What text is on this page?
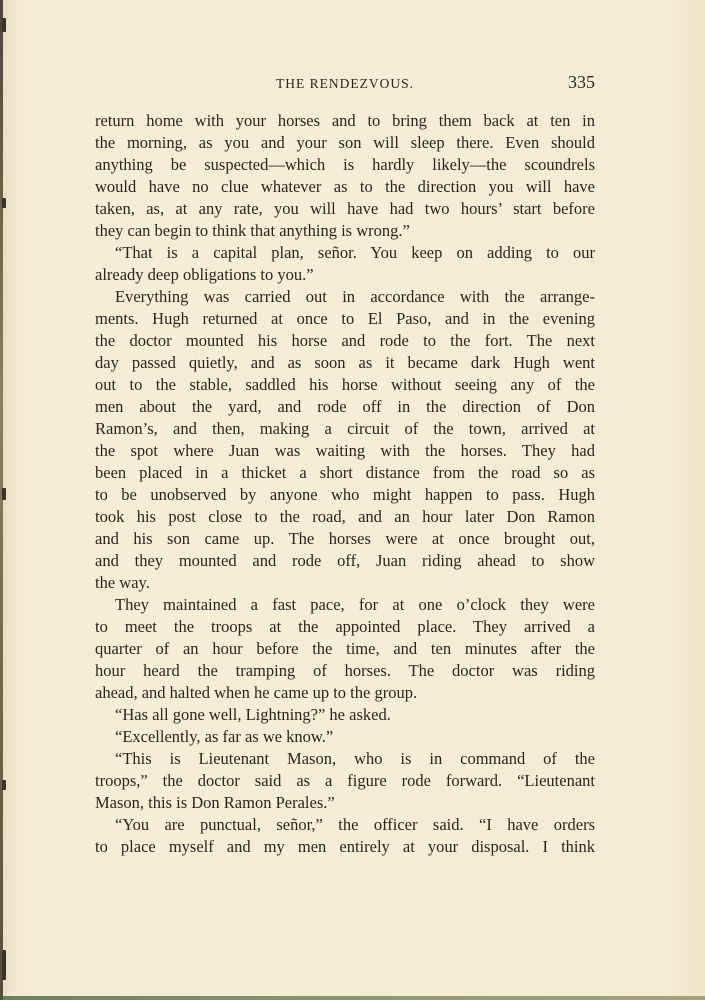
THE RENDEZVOUS.	335
return home with your horses and to bring them back at ten in
the morning, as you and your son will sleep there. Even should
anything be suspected—which is hardly likely—the scoundrels
would have no clue whatever as to the direction you will have
taken, as, at any rate, you will have had two hours’ start before
they can begin to think that anything is wrong.”
“That is a capital plan, señor. You keep on adding to our
already deep obligations to you.”
Everything was carried out in accordance with the arrange-
ments. Hugh returned at once to El Paso, and in the evening
the doctor mounted his horse and rode to the fort. The next
day passed quietly, and as soon as it became dark Hugh went
out to the stable, saddled his horse without seeing any of the
men about the yard, and rode off in the direction of Don
Ramon’s, and then, making a circuit of the town, arrived at
the spot where Juan was waiting with the horses. They had
been placed in a thicket a short distance from the road so as
to be unobserved by anyone who might happen to pass. Hugh
took his post close to the road, and an hour later Don Ramon
and his son came up. The horses were at once brought out,
and they mounted and rode off, Juan riding ahead to show
the way.
They maintained a fast pace, for at one o’clock they were
to meet the troops at the appointed place. They arrived a
quarter of an hour before the time, and ten minutes after the
hour heard the tramping of horses. The doctor was riding
ahead, and halted when he came up to the group.
“Has all gone well, Lightning?” he asked.
“Excellently, as far as we know.”
“This is Lieutenant Mason, who is in command of the
troops,” the doctor said as a figure rode forward. “Lieutenant
Mason, this is Don Ramon Perales.”
“You are punctual, señor,” the officer said. “I have orders
to place myself and my men entirely at your disposal. I think
